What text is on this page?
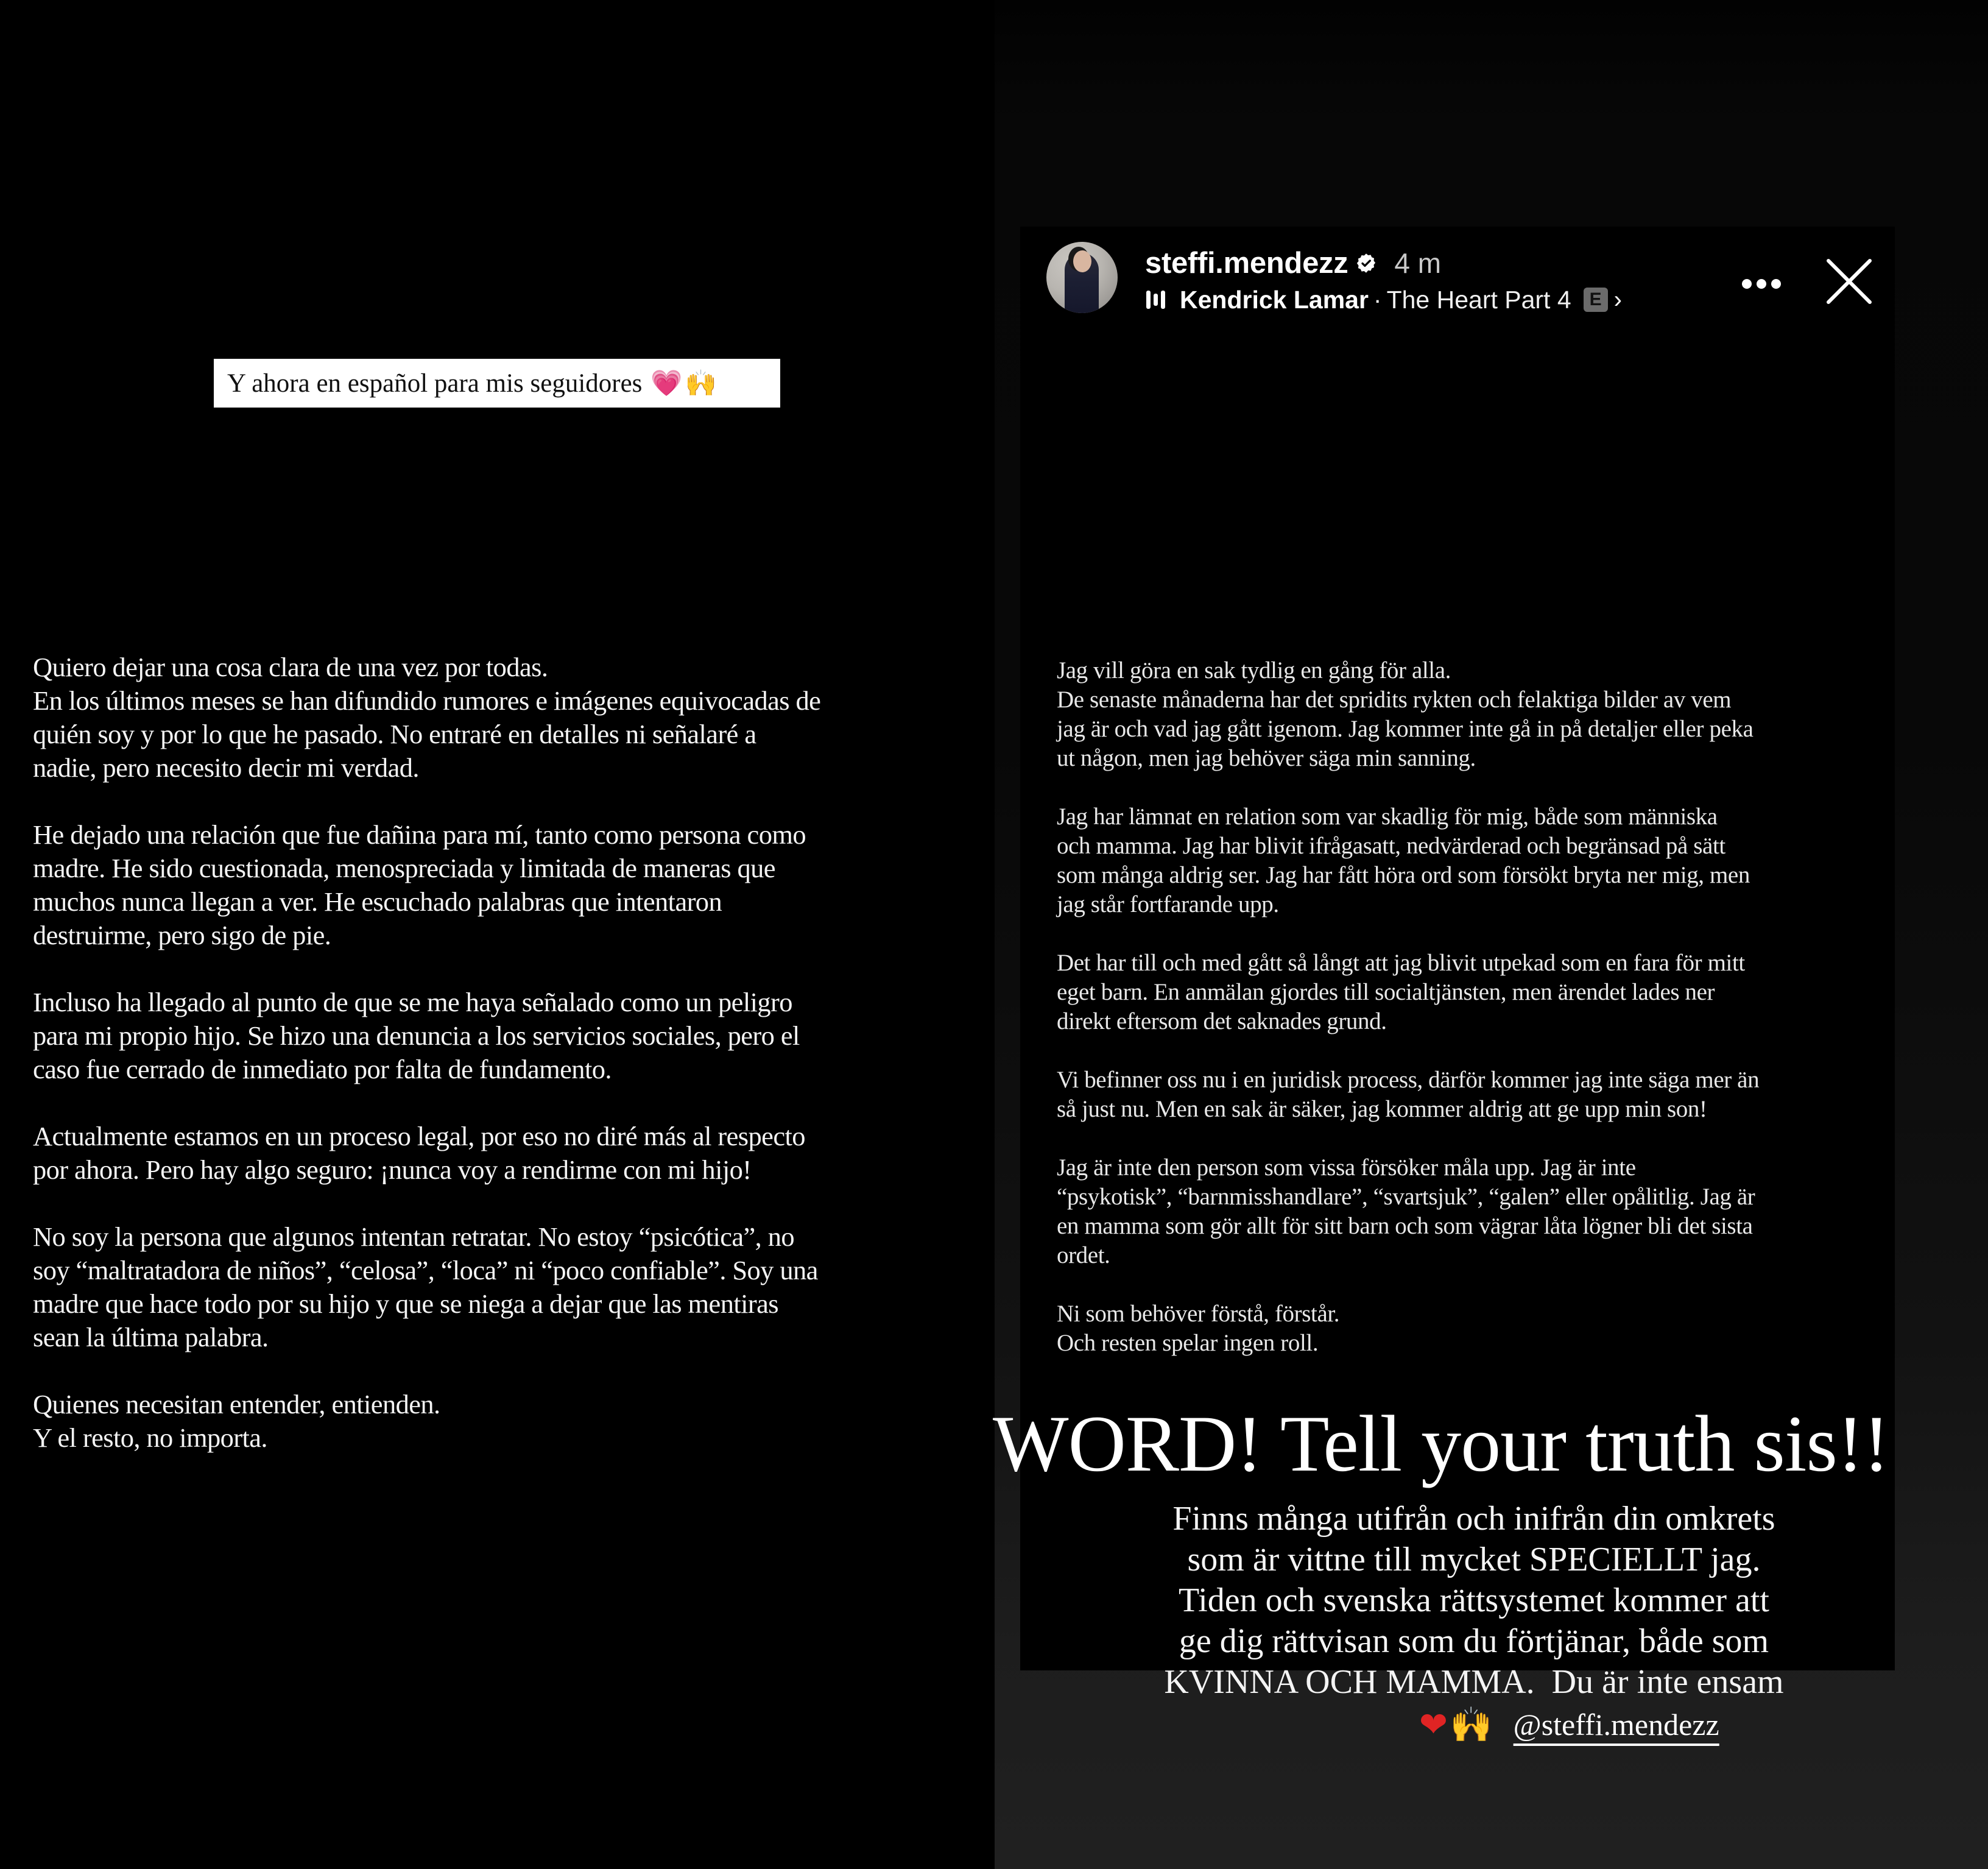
Y ahora en español para mis seguidores 💗🙌
Quiero dejar una cosa clara de una vez por todas.
En los últimos meses se han difundido rumores e imágenes equivocadas de
quién soy y por lo que he pasado. No entraré en detalles ni señalaré a
nadie, pero necesito decir mi verdad.
He dejado una relación que fue dañina para mí, tanto como persona como
madre. He sido cuestionada, menospreciada y limitada de maneras que
muchos nunca llegan a ver. He escuchado palabras que intentaron
destruirme, pero sigo de pie.
Incluso ha llegado al punto de que se me haya señalado como un peligro
para mi propio hijo. Se hizo una denuncia a los servicios sociales, pero el
caso fue cerrado de inmediato por falta de fundamento.
Actualmente estamos en un proceso legal, por eso no diré más al respecto
por ahora. Pero hay algo seguro: ¡nunca voy a rendirme con mi hijo!
No soy la persona que algunos intentan retratar. No estoy “psicótica”, no
soy “maltratadora de niños”, “celosa”, “loca” ni “poco confiable”. Soy una
madre que hace todo por su hijo y que se niega a dejar que las mentiras
sean la última palabra.
Quienes necesitan entender, entienden.
Y el resto, no importa.
steffi.mendezz 4 m
Kendrick Lamar · The Heart Part 4 E ›
Jag vill göra en sak tydlig en gång för alla.
De senaste månaderna har det spridits rykten och felaktiga bilder av vem
jag är och vad jag gått igenom. Jag kommer inte gå in på detaljer eller peka
ut någon, men jag behöver säga min sanning.
Jag har lämnat en relation som var skadlig för mig, både som människa
och mamma. Jag har blivit ifrågasatt, nedvärderad och begränsad på sätt
som många aldrig ser. Jag har fått höra ord som försökt bryta ner mig, men
jag står fortfarande upp.
Det har till och med gått så långt att jag blivit utpekad som en fara för mitt
eget barn. En anmälan gjordes till socialtjänsten, men ärendet lades ner
direkt eftersom det saknades grund.
Vi befinner oss nu i en juridisk process, därför kommer jag inte säga mer än
så just nu. Men en sak är säker, jag kommer aldrig att ge upp min son!
Jag är inte den person som vissa försöker måla upp. Jag är inte
“psykotisk”, “barnmisshandlare”, “svartsjuk”, “galen” eller opålitlig. Jag är
en mamma som gör allt för sitt barn och som vägrar låta lögner bli det sista
ordet.
Ni som behöver förstå, förstår.
Och resten spelar ingen roll.
WORD! Tell your truth sis!!
Finns många utifrån och inifrån din omkrets
som är vittne till mycket SPECIELLT jag.
Tiden och svenska rättsystemet kommer att
ge dig rättvisan som du förtjänar, både som
KVINNA OCH MAMMA.  Du är inte ensam
❤🙌 @steffi.mendezz
